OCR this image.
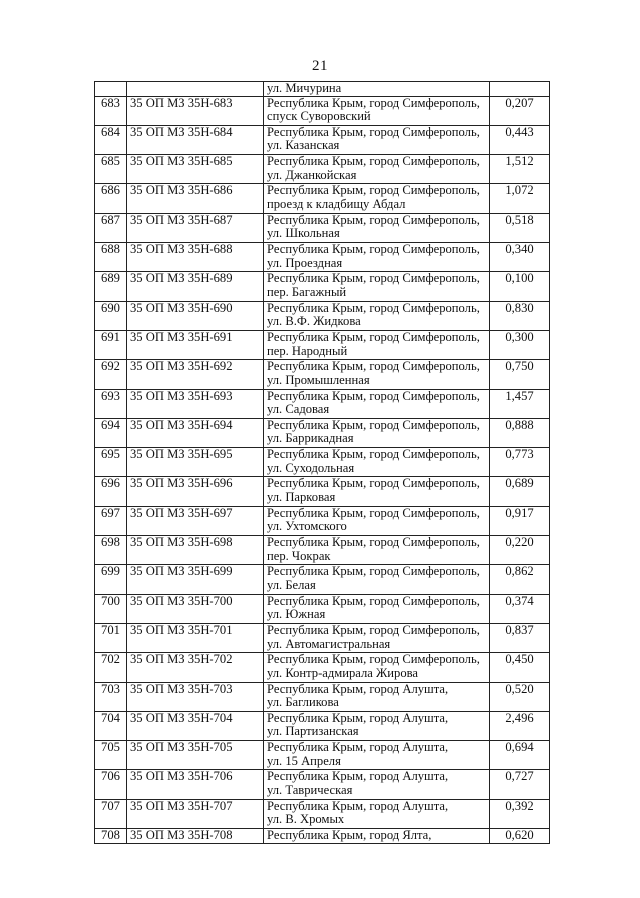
21

		ул. Мичурина	

683	35 ОП МЗ 35Н-683	Республика Крым, город Симферополь,
спуск Суворовский	0,207
684	35 ОП МЗ 35Н-684	Республика Крым, город Симферополь,
ул. Казанская	0,443
685	35 ОП МЗ 35Н-685	Республика Крым, город Симферополь,
ул. Джанкойская	1,512
686	35 ОП МЗ 35Н-686	Республика Крым, город Симферополь,
проезд к кладбищу Абдал	1,072
687	35 ОП МЗ 35Н-687	Республика Крым, город Симферополь,
ул. Школьная	0,518
688	35 ОП МЗ 35Н-688	Республика Крым, город Симферополь,
ул. Проездная	0,340
689	35 ОП МЗ 35Н-689	Республика Крым, город Симферополь,
пер. Багажный	0,100
690	35 ОП МЗ 35Н-690	Республика Крым, город Симферополь,
ул. В.Ф. Жидкова	0,830
691	35 ОП МЗ 35Н-691	Республика Крым, город Симферополь,
пер. Народный	0,300
692	35 ОП МЗ 35Н-692	Республика Крым, город Симферополь,
ул. Промышленная	0,750
693	35 ОП МЗ 35Н-693	Республика Крым, город Симферополь,
ул. Садовая	1,457
694	35 ОП МЗ 35Н-694	Республика Крым, город Симферополь,
ул. Баррикадная	0,888
695	35 ОП МЗ 35Н-695	Республика Крым, город Симферополь,
ул. Суходольная	0,773
696	35 ОП МЗ 35Н-696	Республика Крым, город Симферополь,
ул. Парковая	0,689
697	35 ОП МЗ 35Н-697	Республика Крым, город Симферополь,
ул. Ухтомского	0,917
698	35 ОП МЗ 35Н-698	Республика Крым, город Симферополь,
пер. Чокрак	0,220
699	35 ОП МЗ 35Н-699	Республика Крым, город Симферополь,
ул. Белая	0,862
700	35 ОП МЗ 35Н-700	Республика Крым, город Симферополь,
ул. Южная	0,374
701	35 ОП МЗ 35Н-701	Республика Крым, город Симферополь,
ул. Автомагистральная	0,837
702	35 ОП МЗ 35Н-702	Республика Крым, город Симферополь,
ул. Контр-адмирала Жирова	0,450
703	35 ОП МЗ 35Н-703	Республика Крым, город Алушта,
ул. Багликова	0,520
704	35 ОП МЗ 35Н-704	Республика Крым, город Алушта,
ул. Партизанская	2,496
705	35 ОП МЗ 35Н-705	Республика Крым, город Алушта,
ул. 15 Апреля	0,694
706	35 ОП МЗ 35Н-706	Республика Крым, город Алушта,
ул. Таврическая	0,727
707	35 ОП МЗ 35Н-707	Республика Крым, город Алушта,
ул. В. Хромых	0,392
708	35 ОП МЗ 35Н-708	Республика Крым, город Ялта,	0,620
